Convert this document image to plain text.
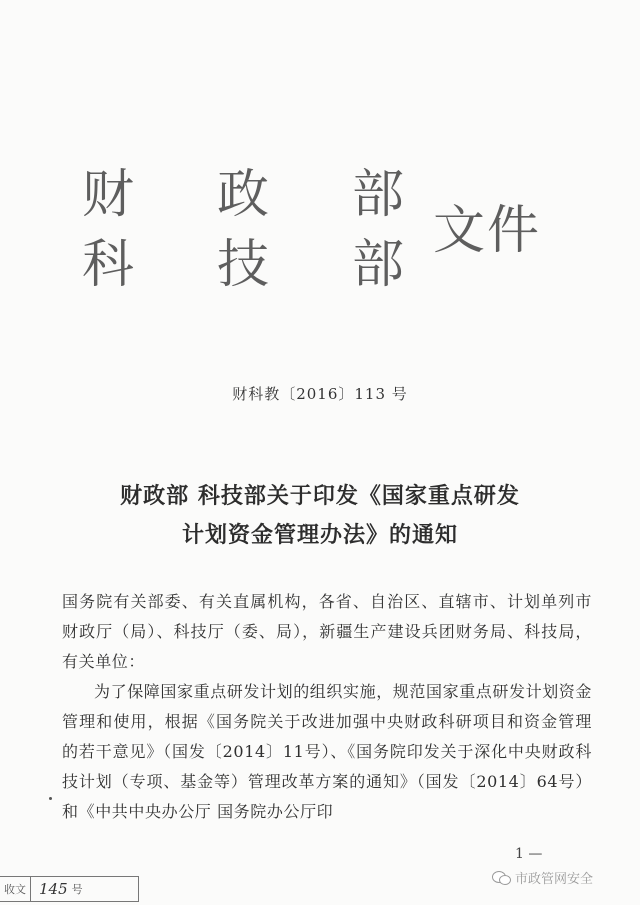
财 政 部
科 技 部
文件
财科教〔2016〕113 号
财政部 科技部关于印发《国家重点研发
计划资金管理办法》的通知

国务院有关部委、有关直属机构，各省、自治区、直辖市、计划单列市财政厅（局）、科技厅（委、局），新疆生产建设兵团财务局、科技局，有关单位：

为了保障国家重点研发计划的组织实施，规范国家重点研发计划资金管理和使用，根据《国务院关于改进加强中央财政科研项目和资金管理的若干意见》（国发〔2014〕11号）、《国务院印发关于深化中央财政科技计划（专项、基金等）管理改革方案的通知》（国发〔2014〕64号）和《中共中央办公厅 国务院办公厅印

1 —
收文 145 号
市政管网安全
